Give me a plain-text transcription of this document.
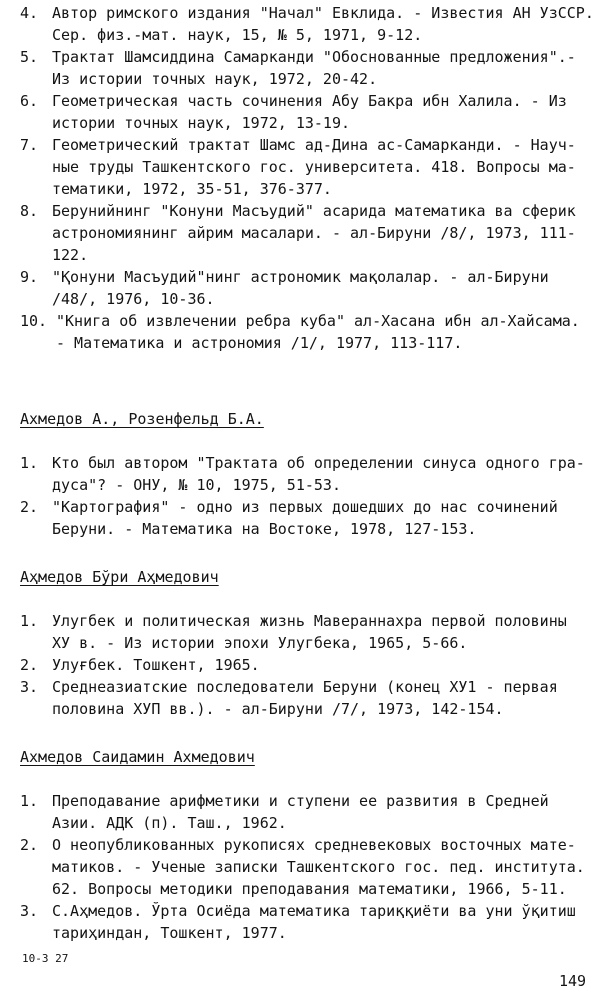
4. Автор римского издания "Начал" Евклида. - Известия АН УзССР.
Сер. физ.-мат. наук, 15, № 5, 1971, 9-12.
5. Трактат Шамсиддина Самарканди "Обоснованные предложения".-
Из истории точных наук, 1972, 20-42.
6. Геометрическая часть сочинения Абу Бакра ибн Халила. - Из
истории точных наук, 1972, 13-19.
7. Геометрический трактат Шамс ад-Дина ас-Самарканди. - Науч-
ные труды Ташкентского гос. университета. 418. Вопросы ма-
тематики, 1972, 35-51, 376-377.
8. Берунийнинг "Конуни Масъудий" асарида математика ва сферик
астрономиянинг айрим масалари. - ал-Бируни /8/, 1973, 111-
122.
9. "Қонуни Масъудий"нинг астрономик мақолалар. - ал-Бируни
/48/, 1976, 10-36.
10. "Книга об извлечении ребра куба" ал-Хасана ибн ал-Хайсама.
- Математика и астрономия /1/, 1977, 113-117.
Ахмедов А., Розенфельд Б.А.
1. Кто был автором "Трактата об определении синуса одного гра-
дуса"? - ОНУ, № 10, 1975, 51-53.
2. "Картография" - одно из первых дошедших до нас сочинений
Беруни. - Математика на Востоке, 1978, 127-153.
Аҳмедов Бўри Аҳмедович
1. Улугбек и политическая жизнь Мавераннахра первой половины
ХУ в. - Из истории эпохи Улугбека, 1965, 5-66.
2. Улуғбек. Тошкент, 1965.
3. Среднеазиатские последователи Беруни (конец ХУ1 - первая
половина ХУП вв.). - ал-Бируни /7/, 1973, 142-154.
Ахмедов Саидамин Ахмедович
1. Преподавание арифметики и ступени ее развития в Средней
Азии. АДК (п). Таш., 1962.
2. О неопубликованных рукописях средневековых восточных мате-
матиков. - Ученые записки Ташкентского гос. пед. института.
62. Вопросы методики преподавания математики, 1966, 5-11.
3. С.Аҳмедов. Ўрта Осиёда математика тариққиёти ва уни ўқитиш
тариҳиндан, Тошкент, 1977.
10-3 27
149
